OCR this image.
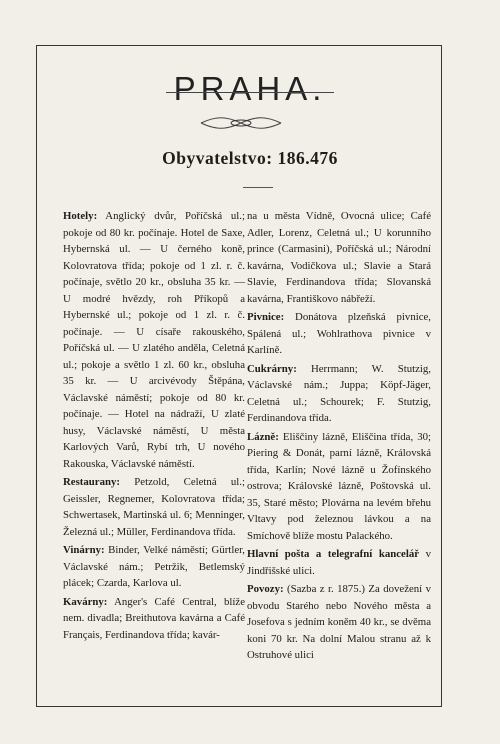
PRAHA.
Obyvatelstvo: 186.476

Hotely: Anglický dvůr, Poříčská ul.; pokoje od 80 kr. počínaje. Hotel de Saxe, Hybernská ul. — U černého koně, Kolovratova třída; pokoje od 1 zl. r. č. počínaje, světlo 20 kr., obsluha 35 kr. — U modré hvězdy, roh Příkopů a Hybernské ul.; pokoje od 1 zl. r. č. počínaje. — U císaře rakouského, Poříčská ul. — U zlatého anděla, Celetná ul.; pokoje a světlo 1 zl. 60 kr., obsluha 35 kr. — U arcivévody Štěpána, Václavské náměstí; pokoje od 80 kr. počínaje. — Hotel na nádraží, U zlaté husy, Václavské náměstí, U města Karlových Varů, Rybí trh, U nového Rakouska, Václavské náměstí.

Restaurany: Petzold, Celetná ul.; Geissler, Regnemer, Kolovratova třída; Schwertasek, Martinská ul. 6; Menninger, Železná ul.; Müller, Ferdinandova třída.

Vinárny: Binder, Velké náměstí; Gürtler, Václavské nám.; Petržik, Betlemský plácek; Czarda, Karlova ul.

Kavárny: Anger's Café Central, blíže nem. divadla; Breithutova kavárna a Café Français, Ferdinandova třída; kavár-

na u města Vídně, Ovocná ulice; Café Adler, Lorenz, Celetná ul.; U korunního prince (Carmasini), Poříčská ul.; Národní kavárna, Vodičkova ul.; Slavie a Stará Slavie, Ferdinandova třída; Slovanská kavárna, Františkovo nábřeží.

Pivnice: Donátova plzeňská pivnice, Spálená ul.; Wohlrathova pivnice v Karlíně.

Cukrárny: Herrmann; W. Stutzig, Václavské nám.; Juppa; Köpf-Jäger, Celetná ul.; Schourek; F. Stutzig, Ferdinandova třída.

Lázně: Eliščiny lázně, Eliščina třída, 30; Piering & Donát, parní lázně, Královská třída, Karlín; Nové lázně u Žofínského ostrova; Královské lázně, Poštovská ul. 35, Staré město; Plovárna na levém břehu Vltavy pod železnou lávkou a na Smíchově blíže mostu Palackého.

Hlavní pošta a telegrafní kancelář v Jindřišské ulici.

Povozy: (Sazba z r. 1875.) Za dovežení v obvodu Starého nebo Nového města a Josefova s jedním koněm 40 kr., se dvěma koni 70 kr. Na dolní Malou stranu až k Ostruhové ulici
